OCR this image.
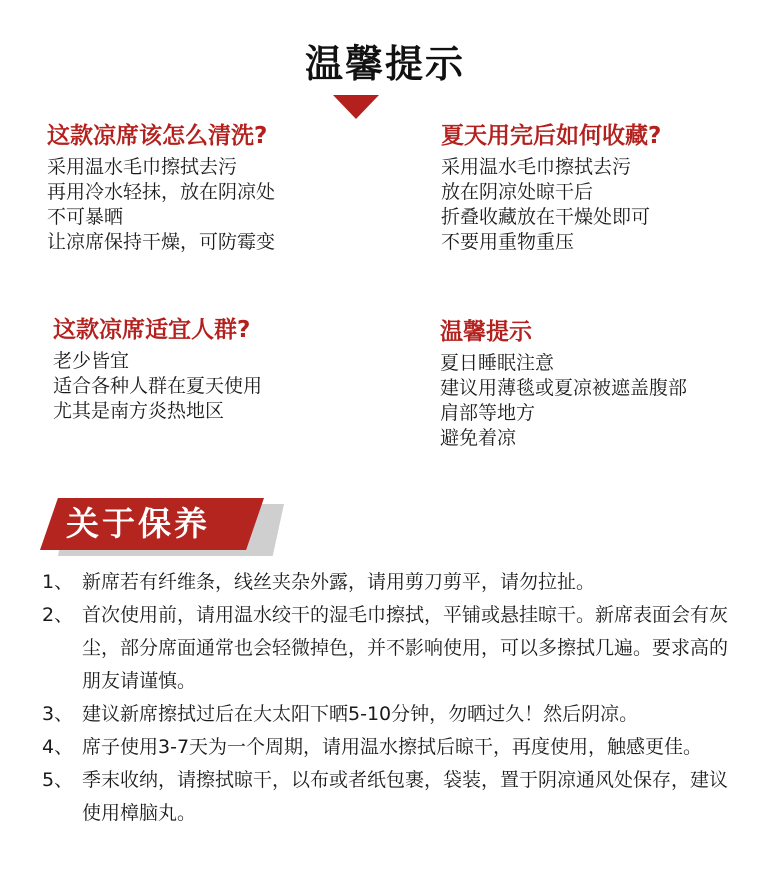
温馨提示
这款凉席该怎么清洗?
采用温水毛巾擦拭去污
再用冷水轻抹，放在阴凉处
不可暴晒
让凉席保持干燥，可防霉变
夏天用完后如何收藏?
采用温水毛巾擦拭去污
放在阴凉处晾干后
折叠收藏放在干燥处即可
不要用重物重压
这款凉席适宜人群?
老少皆宜
适合各种人群在夏天使用
尤其是南方炎热地区
温馨提示
夏日睡眠注意
建议用薄毯或夏凉被遮盖腹部
肩部等地方
避免着凉
关于保养
1、 新席若有纤维条，线丝夹杂外露，请用剪刀剪平，请勿拉扯。
2、 首次使用前，请用温水绞干的湿毛巾擦拭，平铺或悬挂晾干。新席表面会有灰尘，部分席面通常也会轻微掉色，并不影响使用，可以多擦拭几遍。要求高的朋友请谨慎。
3、 建议新席擦拭过后在大太阳下晒5-10分钟，勿晒过久！然后阴凉。
4、 席子使用3-7天为一个周期，请用温水擦拭后晾干，再度使用，触感更佳。
5、 季末收纳，请擦拭晾干，以布或者纸包裹，袋装，置于阴凉通风处保存，建议使用樟脑丸。
